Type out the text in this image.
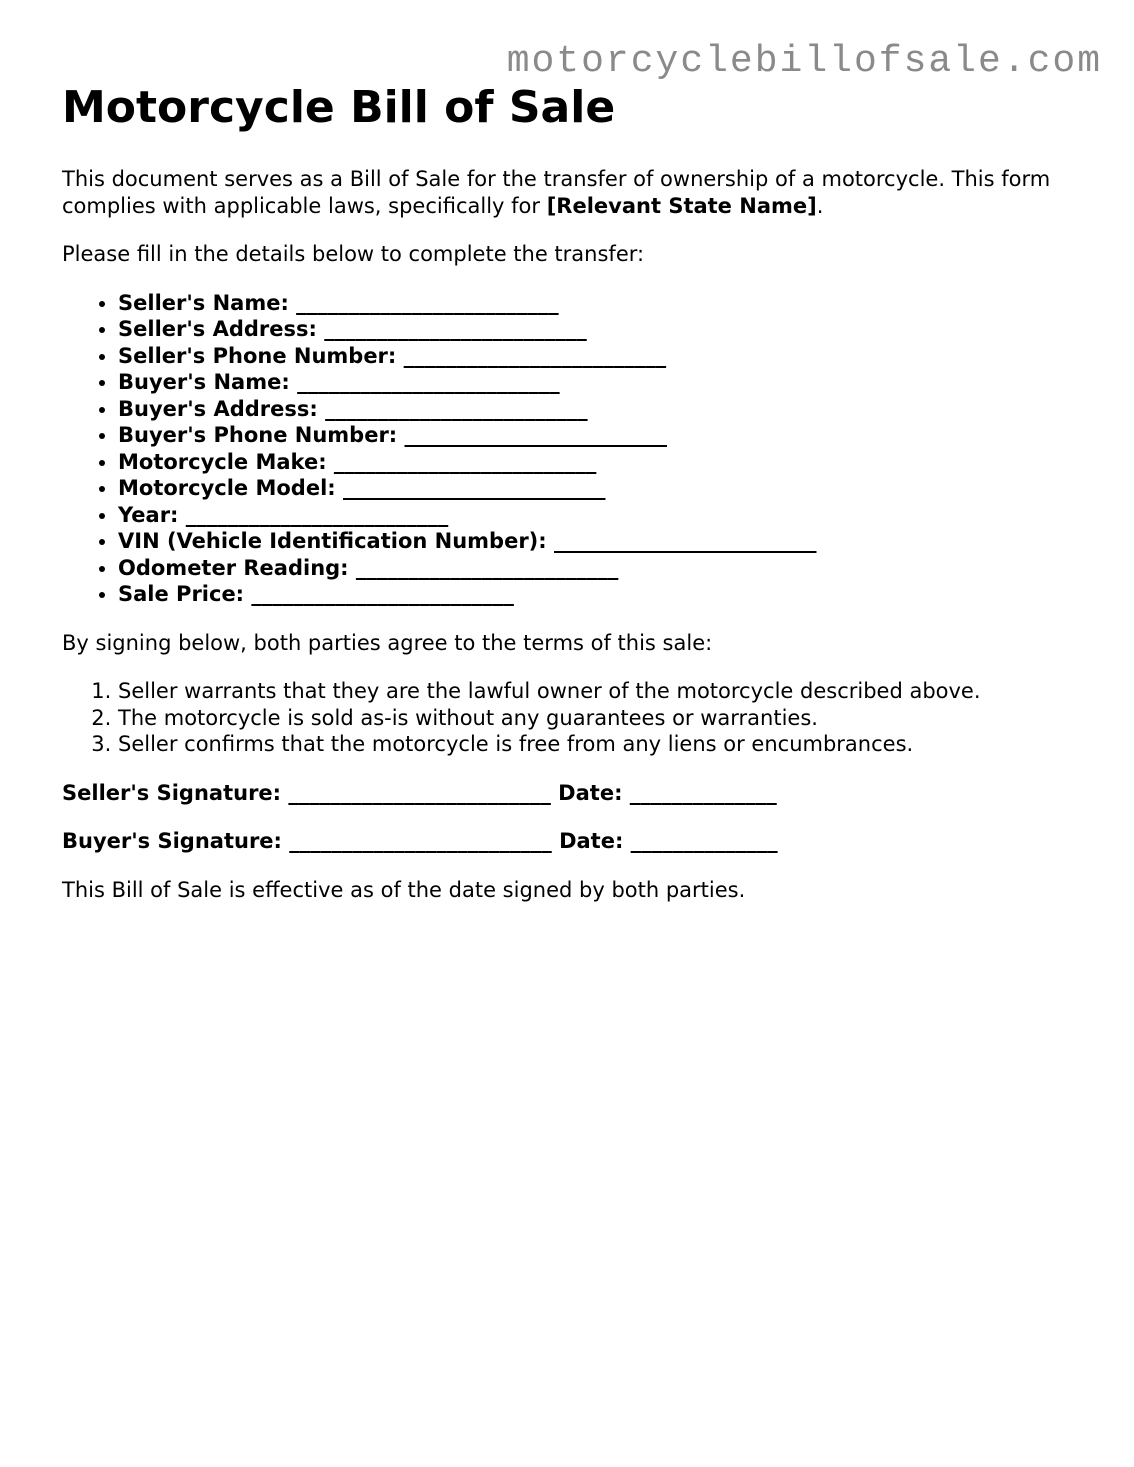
motorcyclebillofsale.com
Motorcycle Bill of Sale

This document serves as a Bill of Sale for the transfer of ownership of a motorcycle. This form complies with applicable laws, specifically for [Relevant State Name].

Please fill in the details below to complete the transfer:

• Seller's Name: _________________________
• Seller's Address: _________________________
• Seller's Phone Number: _________________________
• Buyer's Name: _________________________
• Buyer's Address: _________________________
• Buyer's Phone Number: _________________________
• Motorcycle Make: _________________________
• Motorcycle Model: _________________________
• Year: _________________________
• VIN (Vehicle Identification Number): _________________________
• Odometer Reading: _________________________
• Sale Price: _________________________

By signing below, both parties agree to the terms of this sale:

1. Seller warrants that they are the lawful owner of the motorcycle described above.
2. The motorcycle is sold as-is without any guarantees or warranties.
3. Seller confirms that the motorcycle is free from any liens or encumbrances.

Seller's Signature: _________________________ Date: ______________

Buyer's Signature: _________________________ Date: ______________

This Bill of Sale is effective as of the date signed by both parties.
